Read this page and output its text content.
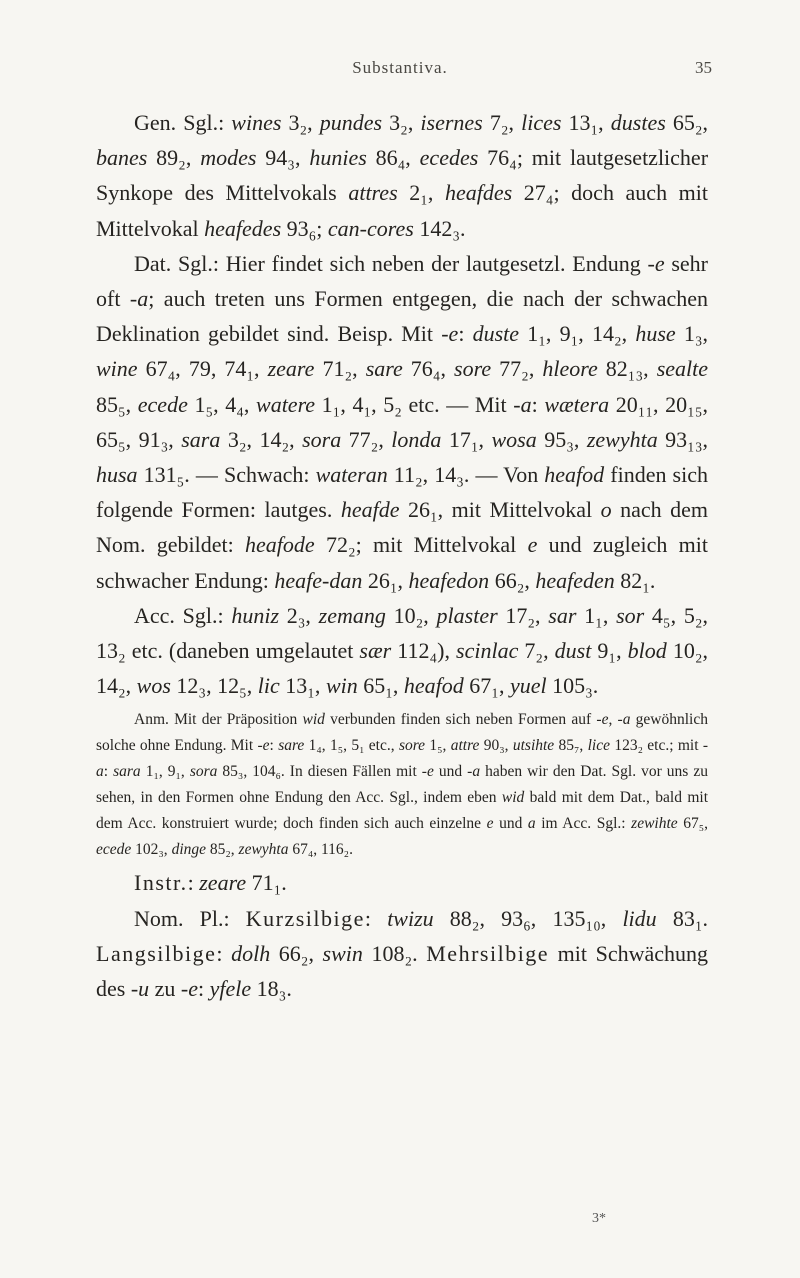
Substantiva.	35

Gen. Sgl.: wines 3₂, pundes 3₂, isernes 7₂, lices 13₁, dustes 65₂, banes 89₂, modes 94₃, hunies 86₄, ecedes 76₄; mit lautgesetzlicher Synkope des Mittelvokals attres 2₁, heafdes 27₄; doch auch mit Mittelvokal heafedes 93₆; can-cores 142₃.

Dat. Sgl.: Hier findet sich neben der lautgesetzl. Endung -e sehr oft -a; auch treten uns Formen entgegen, die nach der schwachen Deklination gebildet sind. Beisp. Mit -e: duste 1₁, 9₁, 14₂, huse 1₃, wine 67₄, 79, 74₁, zeare 71₂, sare 76₄, sore 77₂, hleore 82₁₃, sealte 85₅, ecede 1₅, 4₄, watere 1₁, 4₁, 5₂ etc. — Mit -a: wætera 20₁₁, 20₁₅, 65₅, 91₃, sara 3₂, 14₂, sora 77₂, londa 17₁, wosa 95₃, zewyhta 93₁₃, husa 131₅. — Schwach: wateran 11₂, 14₃. — Von heafod finden sich folgende Formen: lautges. heafde 26₁, mit Mittelvokal o nach dem Nom. gebildet: heafode 72₂; mit Mittelvokal e und zugleich mit schwacher Endung: heafe-dan 26₁, heafedon 66₂, heafeden 82₁.

Acc. Sgl.: huniz 2₃, zemang 10₂, plaster 17₂, sar 1₁, sor 4₅, 5₂, 13₂ etc. (daneben umgelautet sær 112₄), scinlac 7₂, dust 9₁, blod 10₂, 14₂, wos 12₃, 12₅, lic 13₁, win 65₁, heafod 67₁, yuel 105₃.

Anm. Mit der Präposition wid verbunden finden sich neben Formen auf -e, -a gewöhnlich solche ohne Endung. Mit -e: sare 1₄, 1₅, 5₁ etc., sore 1₅, attre 90₃, utsihte 85₇, lice 123₂ etc.; mit -a: sara 1₁, 9₁, sora 85₃, 104₆. In diesen Fällen mit -e und -a haben wir den Dat. Sgl. vor uns zu sehen, in den Formen ohne Endung den Acc. Sgl., indem eben wid bald mit dem Dat., bald mit dem Acc. konstruiert wurde; doch finden sich auch einzelne e und a im Acc. Sgl.: zewihte 67₅, ecede 102₃, dinge 85₂, zewyhta 67₄, 116₂.

Instr.: zeare 71₁.

Nom. Pl.: Kurzsilbige: twizu 88₂, 93₆, 135₁₀, lidu 83₁. Langsilbige: dolh 66₂, swin 108₂. Mehrsilbige mit Schwächung des -u zu -e: yfele 18₃.

3*
